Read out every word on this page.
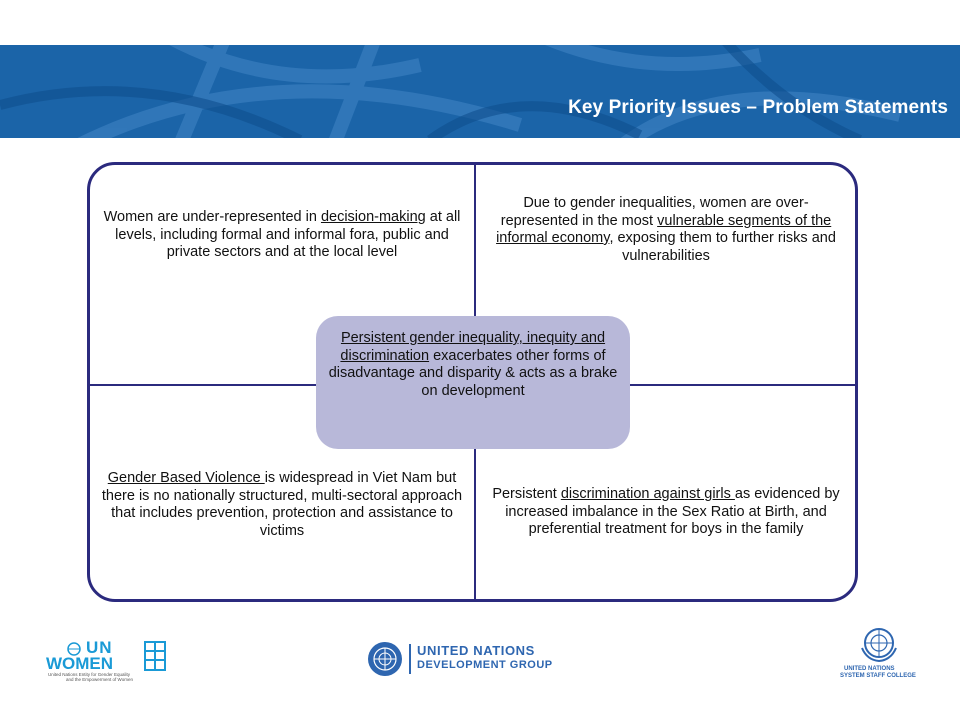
Key Priority Issues – Problem Statements
Women are under-represented in decision-making at all levels, including formal and informal fora, public and private sectors and at the local level
Due to gender inequalities, women are over-represented in the most vulnerable segments of the informal economy, exposing them to further risks and vulnerabilities
Gender Based Violence is widespread in Viet Nam but there is no nationally structured, multi-sectoral approach that includes prevention, protection and assistance to victims
Persistent discrimination against girls as evidenced by increased imbalance in the Sex Ratio at Birth, and preferential treatment for boys in the family
Persistent gender inequality, inequity and discrimination exacerbates other forms of disadvantage and disparity & acts as a brake on development
UN
WOMEN
United Nations Entity for Gender Equality
and the Empowerment of Women
UNITED NATIONS
DEVELOPMENT GROUP	UNITED NATIONS
SYSTEM STAFF COLLEGE
